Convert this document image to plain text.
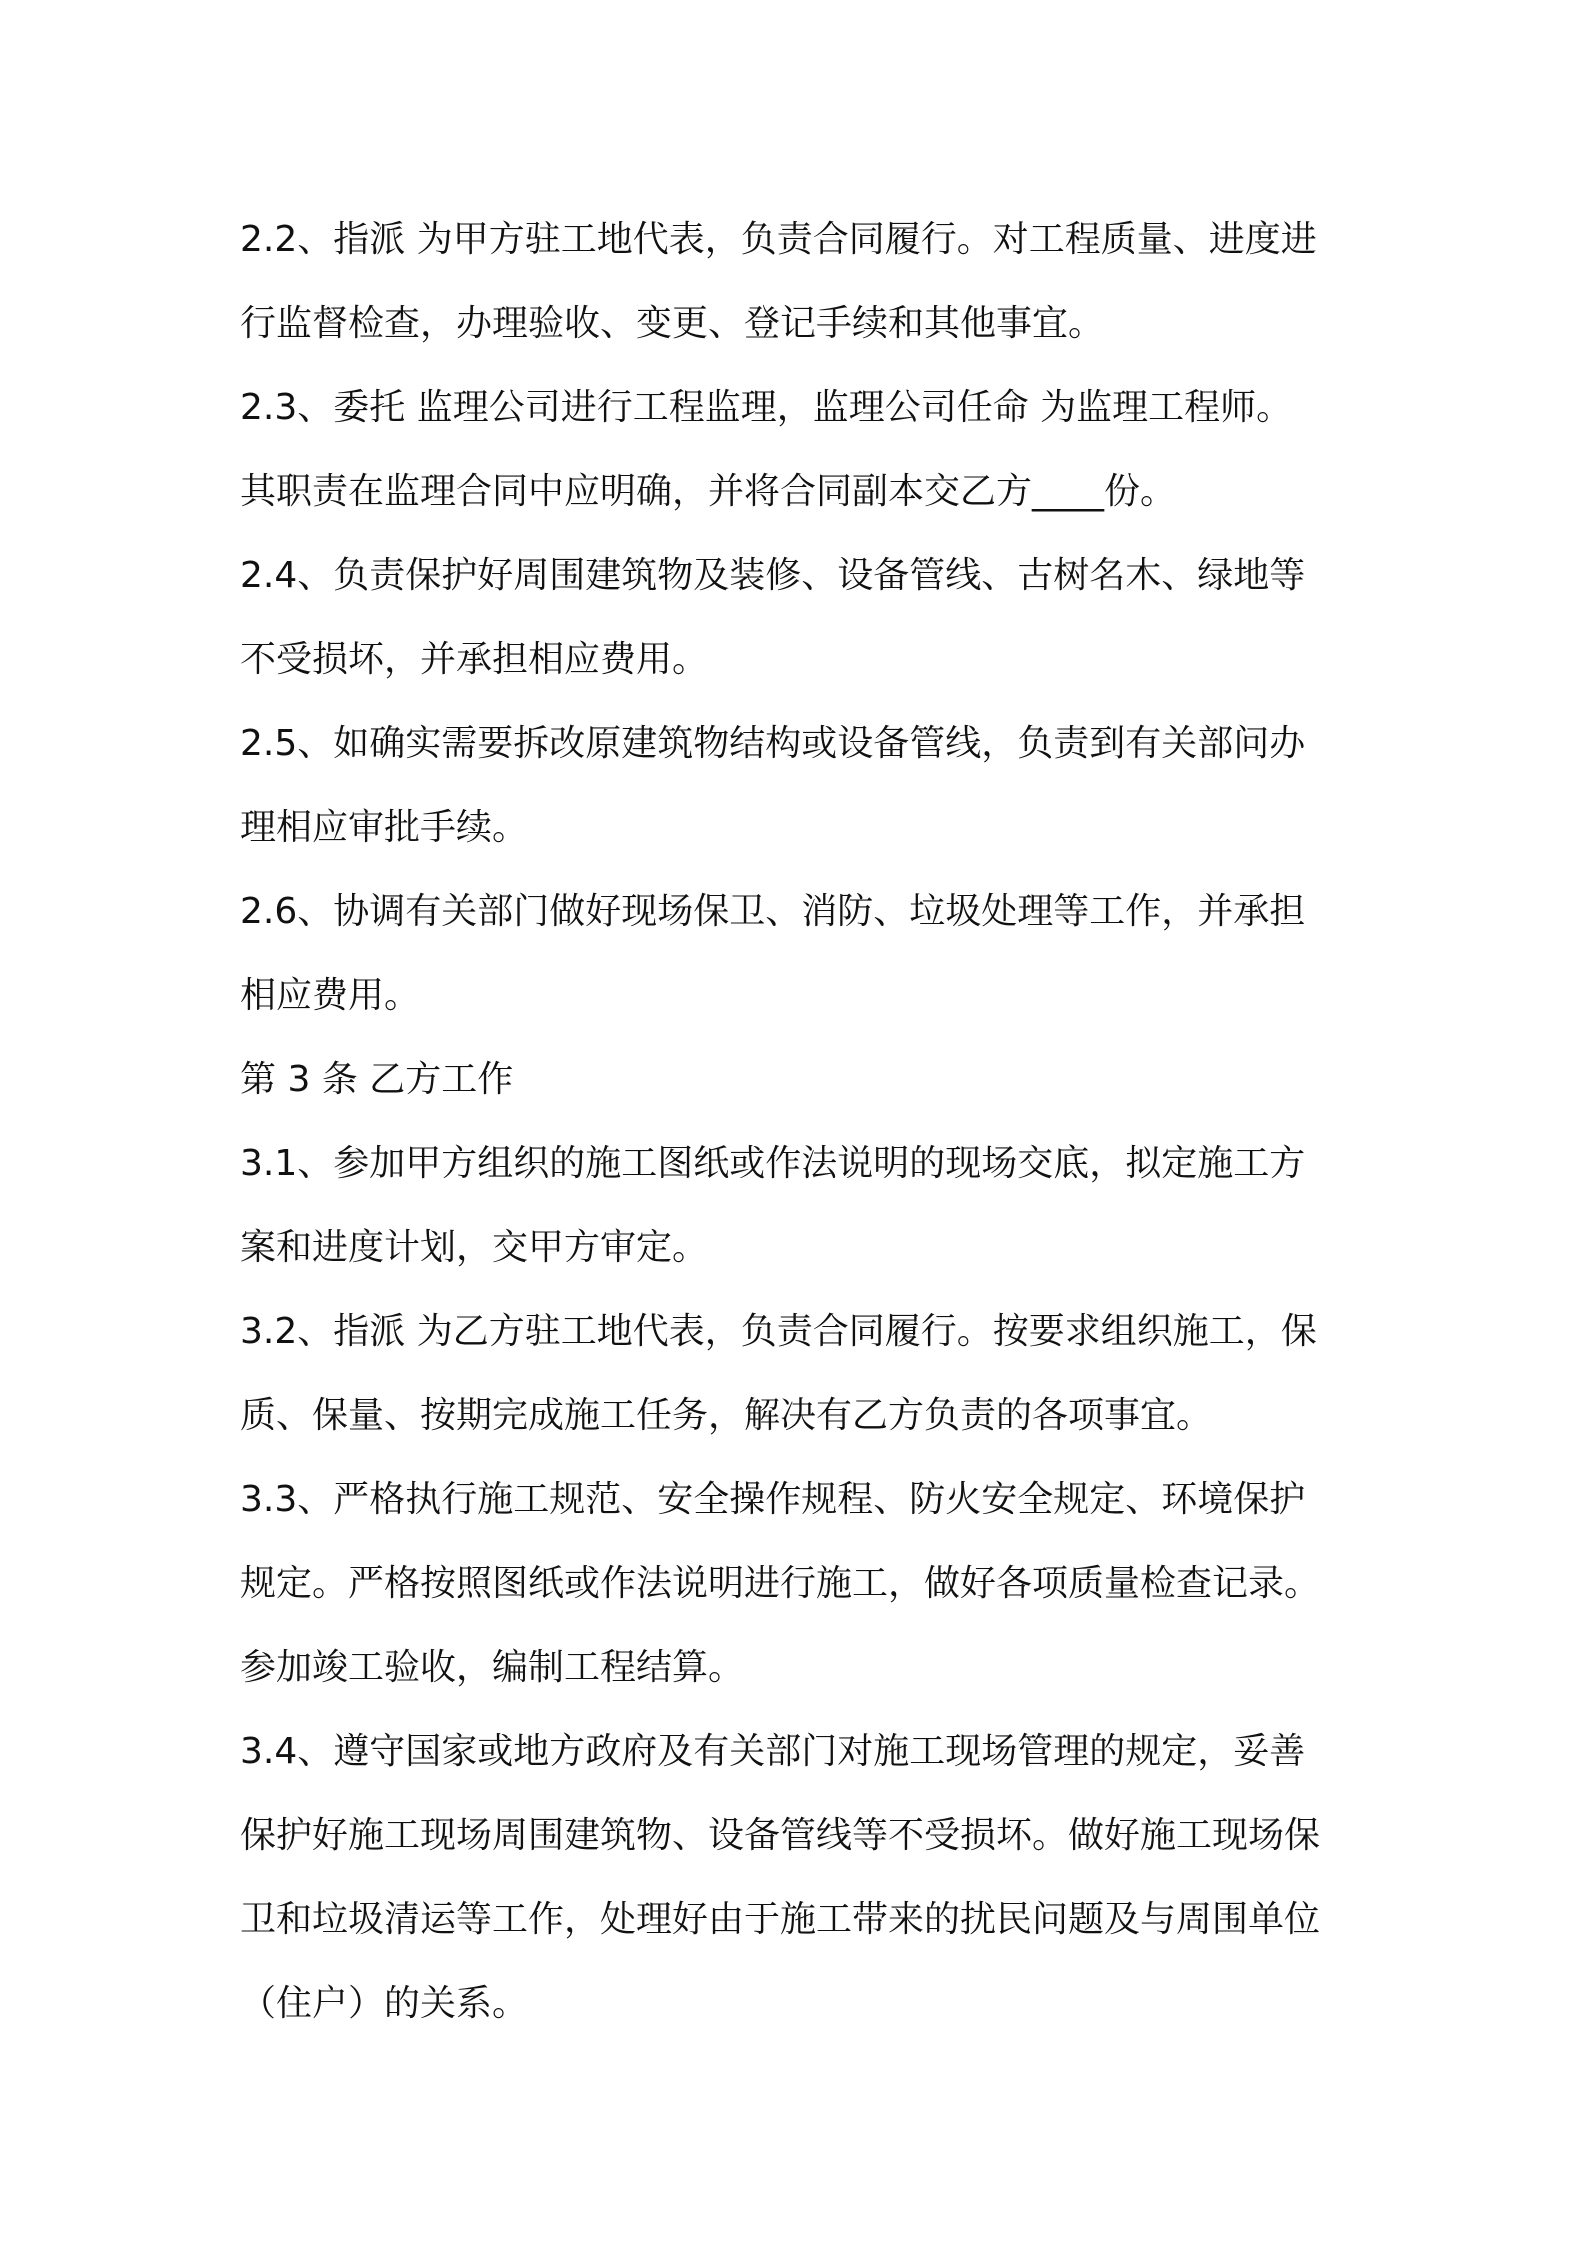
2.2、指派 为甲方驻工地代表，负责合同履行。对工程质量、进度进

行监督检查，办理验收、变更、登记手续和其他事宜。

2.3、委托 监理公司进行工程监理，监理公司任命 为监理工程师。

其职责在监理合同中应明确，并将合同副本交乙方____份。

2.4、负责保护好周围建筑物及装修、设备管线、古树名木、绿地等

不受损坏，并承担相应费用。

2.5、如确实需要拆改原建筑物结构或设备管线，负责到有关部问办

理相应审批手续。

2.6、协调有关部门做好现场保卫、消防、垃圾处理等工作，并承担

相应费用。

第 3 条 乙方工作

3.1、参加甲方组织的施工图纸或作法说明的现场交底，拟定施工方

案和进度计划，交甲方审定。

3.2、指派 为乙方驻工地代表，负责合同履行。按要求组织施工，保

质、保量、按期完成施工任务，解决有乙方负责的各项事宜。

3.3、严格执行施工规范、安全操作规程、防火安全规定、环境保护

规定。严格按照图纸或作法说明进行施工，做好各项质量检查记录。

参加竣工验收，编制工程结算。

3.4、遵守国家或地方政府及有关部门对施工现场管理的规定，妥善

保护好施工现场周围建筑物、设备管线等不受损坏。做好施工现场保

卫和垃圾清运等工作，处理好由于施工带来的扰民问题及与周围单位

（住户）的关系。
